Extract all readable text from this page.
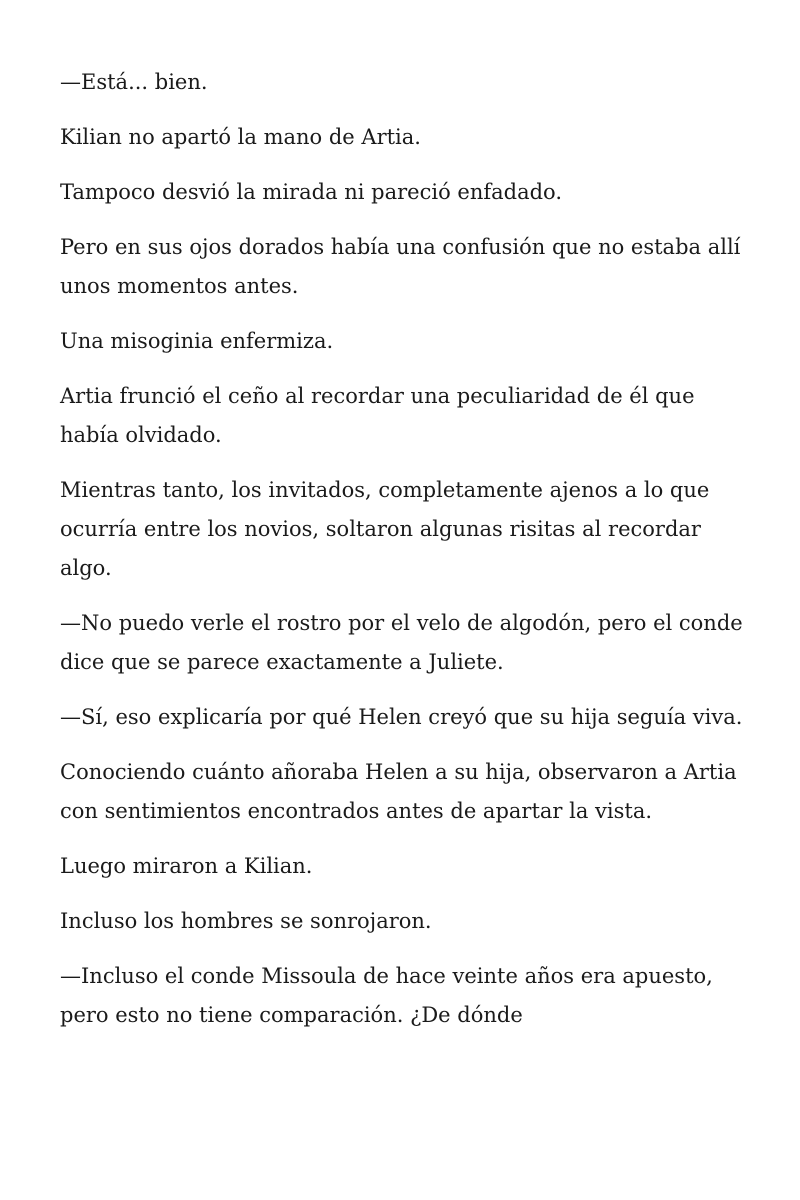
—Está... bien.

Kilian no apartó la mano de Artia.

Tampoco desvió la mirada ni pareció enfadado.

Pero en sus ojos dorados había una confusión que no estaba allí unos momentos antes.

Una misoginia enfermiza.

Artia frunció el ceño al recordar una peculiaridad de él que había olvidado.

Mientras tanto, los invitados, completamente ajenos a lo que ocurría entre los novios, soltaron algunas risitas al recordar algo.

—No puedo verle el rostro por el velo de algodón, pero el conde dice que se parece exactamente a Juliete.

—Sí, eso explicaría por qué Helen creyó que su hija seguía viva.

Conociendo cuánto añoraba Helen a su hija, observaron a Artia con sentimientos encontrados antes de apartar la vista.

Luego miraron a Kilian.

Incluso los hombres se sonrojaron.

—Incluso el conde Missoula de hace veinte años era apuesto, pero esto no tiene comparación. ¿De dónde
